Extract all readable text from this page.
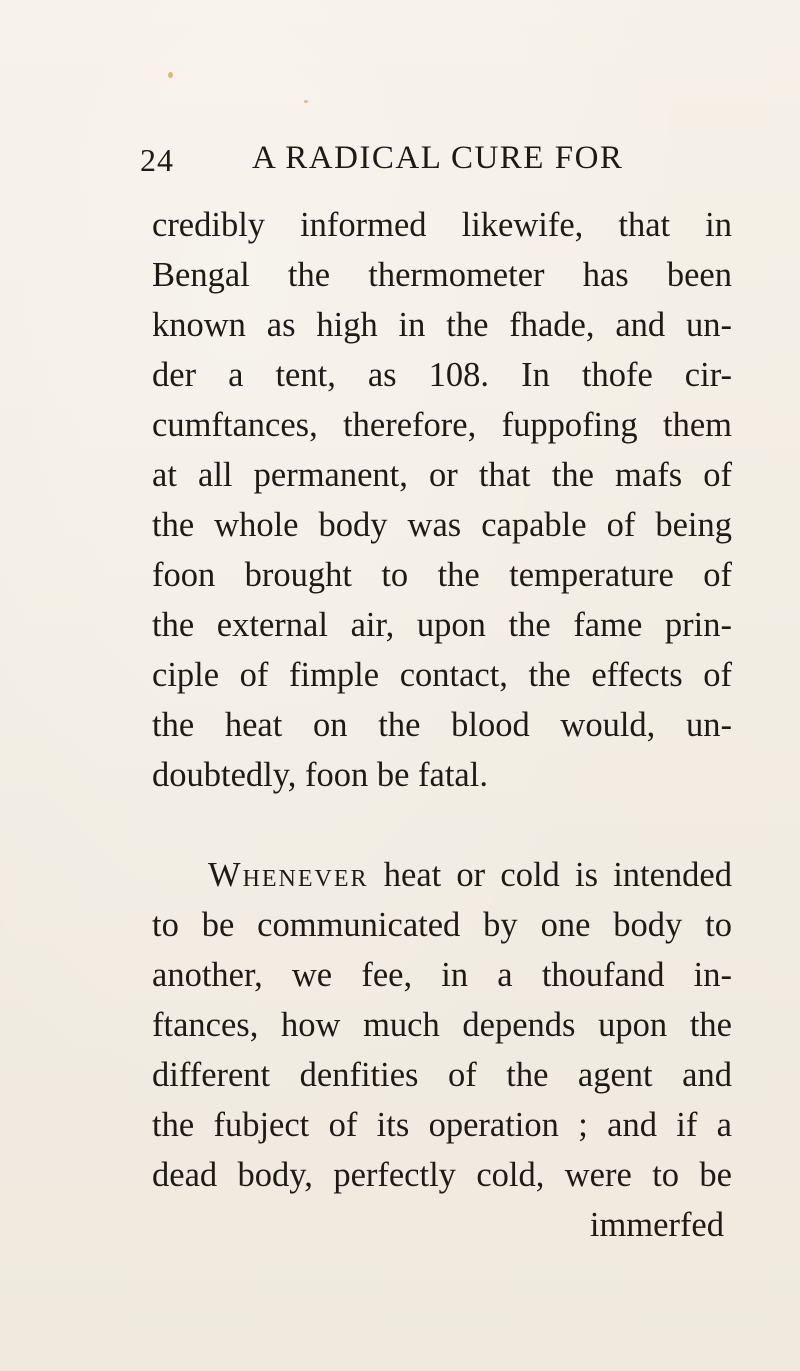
24 A RADICAL CURE FOR
credibly informed likewife, that in
Bengal the thermometer has been
known as high in the fhade, and un-
der a tent, as 108. In thofe cir-
cumftances, therefore, fuppofing them
at all permanent, or that the mafs of
the whole body was capable of being
foon brought to the temperature of
the external air, upon the fame prin-
ciple of fimple contact, the effects of
the heat on the blood would, un-
doubtedly, foon be fatal.
Whenever heat or cold is intended
to be communicated by one body to
another, we fee, in a thoufand in-
ftances, how much depends upon the
different denfities of the agent and
the fubject of its operation ; and if a
dead body, perfectly cold, were to be
immerfed
